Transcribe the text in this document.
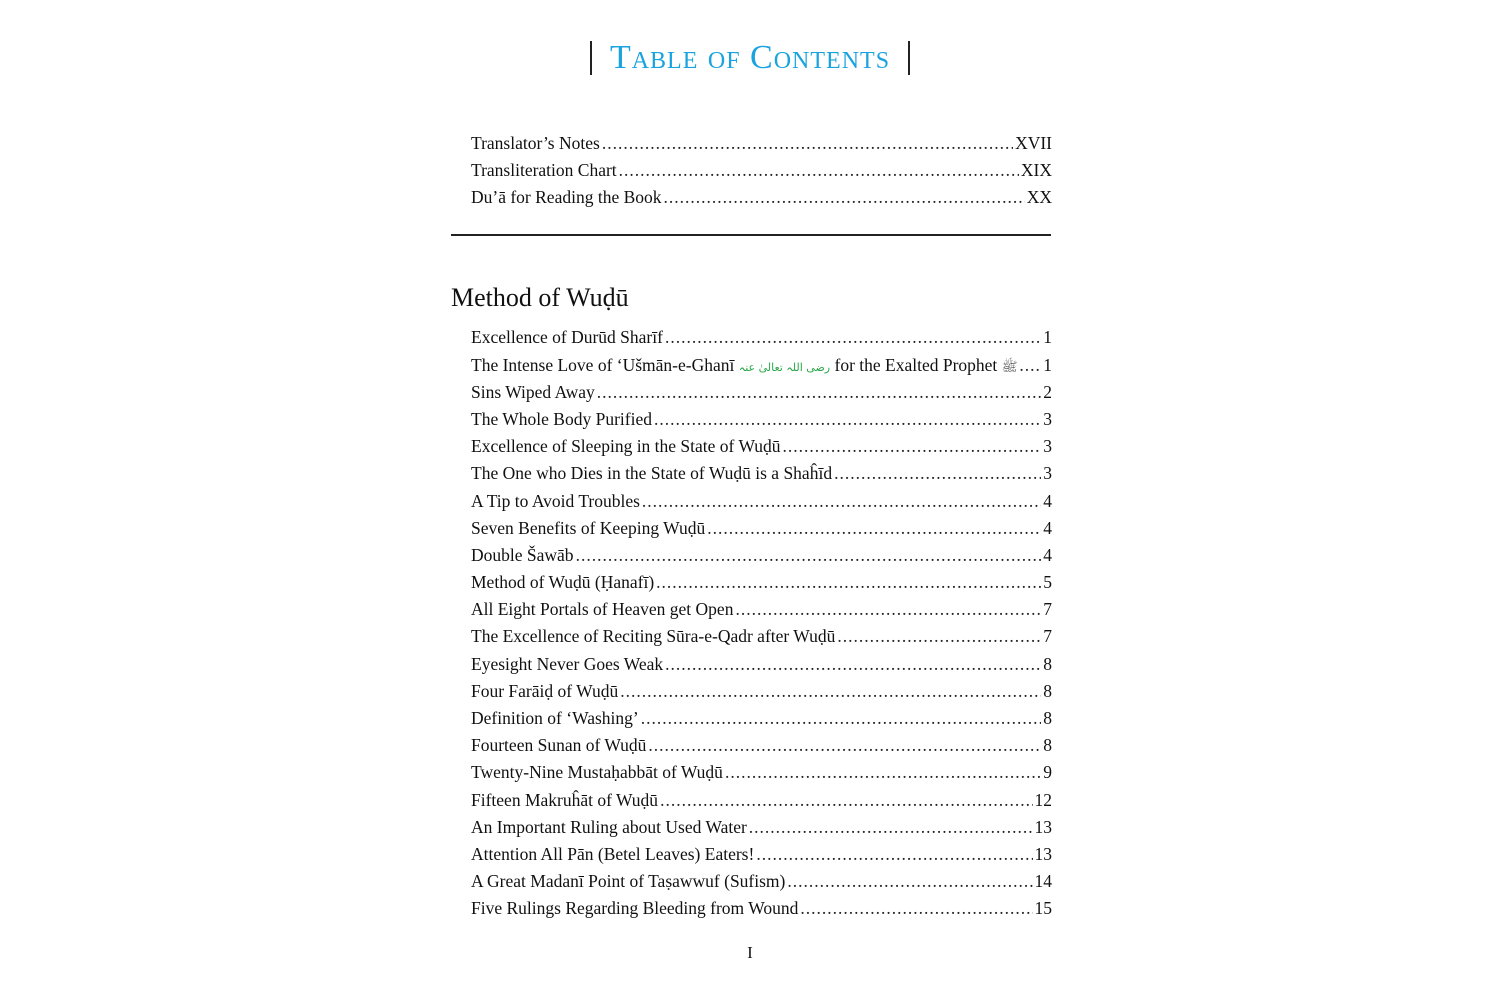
Table of Contents
Translator’s Notes .....	XVII
Transliteration Chart .....	XIX
Du’ā for Reading the Book .....	XX
Method of Wuḍū
Excellence of Durūd Sharīf .....	1
The Intense Love of ‘Ušmān-e-Ghanī رضی اللہ تعالیٰ عنہ for the Exalted Prophet ﷺ ..... 1
Sins Wiped Away .....	2
The Whole Body Purified .....	3
Excellence of Sleeping in the State of Wuḍū .....	3
The One who Dies in the State of Wuḍū is a Shaĥīd .....	3
A Tip to Avoid Troubles .....	4
Seven Benefits of Keeping Wuḍū .....	4
Double Šawāb .....	4
Method of Wuḍū (Ḥanafī) .....	5
All Eight Portals of Heaven get Open .....	7
The Excellence of Reciting Sūra-e-Qadr after Wuḍū .....	7
Eyesight Never Goes Weak .....	8
Four Farāiḍ of Wuḍū .....	8
Definition of ‘Washing’ .....	8
Fourteen Sunan of Wuḍū .....	8
Twenty-Nine Mustaḥabbāt of Wuḍū .....	9
Fifteen Makruĥāt of Wuḍū .....	12
An Important Ruling about Used Water .....	13
Attention All Pān (Betel Leaves) Eaters! .....	13
A Great Madanī Point of Taṣawwuf (Sufism) .....	14
Five Rulings Regarding Bleeding from Wound .....	15
I
